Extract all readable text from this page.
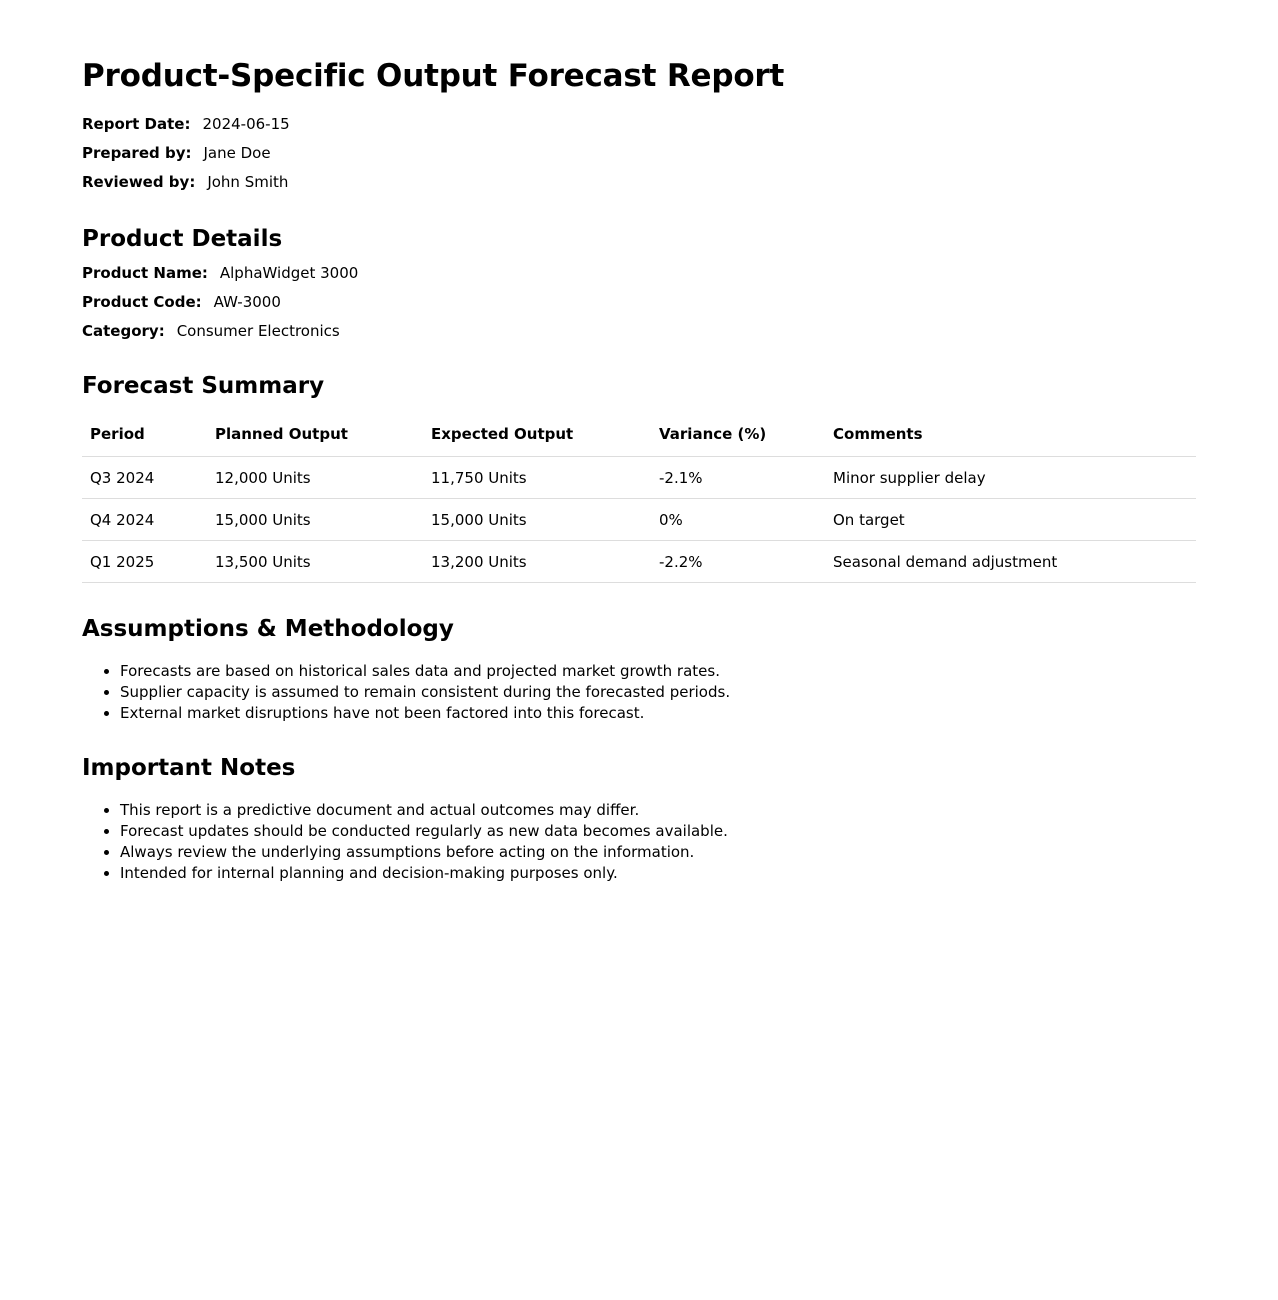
Product-Specific Output Forecast Report
Report Date: 2024-06-15
Prepared by: Jane Doe
Reviewed by: John Smith
Product Details
Product Name: AlphaWidget 3000
Product Code: AW-3000
Category: Consumer Electronics
Forecast Summary
Period	Planned Output	Expected Output	Variance (%)	Comments
Q3 2024	12,000 Units	11,750 Units	-2.1%	Minor supplier delay
Q4 2024	15,000 Units	15,000 Units	0%	On target
Q1 2025	13,500 Units	13,200 Units	-2.2%	Seasonal demand adjustment
Assumptions & Methodology
• Forecasts are based on historical sales data and projected market growth rates.
• Supplier capacity is assumed to remain consistent during the forecasted periods.
• External market disruptions have not been factored into this forecast.
Important Notes
• This report is a predictive document and actual outcomes may differ.
• Forecast updates should be conducted regularly as new data becomes available.
• Always review the underlying assumptions before acting on the information.
• Intended for internal planning and decision-making purposes only.
